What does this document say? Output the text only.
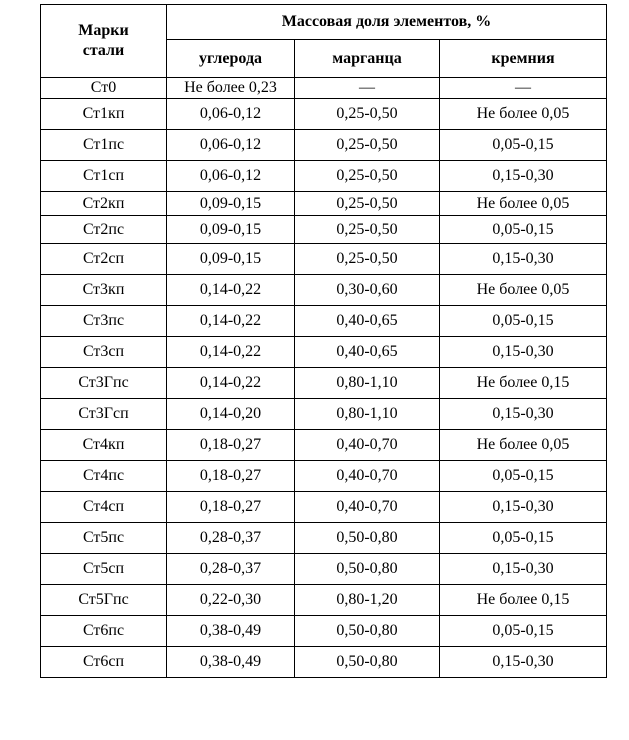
Марки стали	Массовая доля элементов, %		
	углерода	марганца	кремния
Ст0	Не более 0,23	—	—
Ст1кп	0,06-0,12	0,25-0,50	Не более 0,05
Ст1пс	0,06-0,12	0,25-0,50	0,05-0,15
Ст1сп	0,06-0,12	0,25-0,50	0,15-0,30
Ст2кп	0,09-0,15	0,25-0,50	Не более 0,05
Ст2пс	0,09-0,15	0,25-0,50	0,05-0,15
Ст2сп	0,09-0,15	0,25-0,50	0,15-0,30
Ст3кп	0,14-0,22	0,30-0,60	Не более 0,05
Ст3пс	0,14-0,22	0,40-0,65	0,05-0,15
Ст3сп	0,14-0,22	0,40-0,65	0,15-0,30
Ст3Гпс	0,14-0,22	0,80-1,10	Не более 0,15
Ст3Гсп	0,14-0,20	0,80-1,10	0,15-0,30
Ст4кп	0,18-0,27	0,40-0,70	Не более 0,05
Ст4пс	0,18-0,27	0,40-0,70	0,05-0,15
Ст4сп	0,18-0,27	0,40-0,70	0,15-0,30
Ст5пс	0,28-0,37	0,50-0,80	0,05-0,15
Ст5сп	0,28-0,37	0,50-0,80	0,15-0,30
Ст5Гпс	0,22-0,30	0,80-1,20	Не более 0,15
Ст6пс	0,38-0,49	0,50-0,80	0,05-0,15
Ст6сп	0,38-0,49	0,50-0,80	0,15-0,30
